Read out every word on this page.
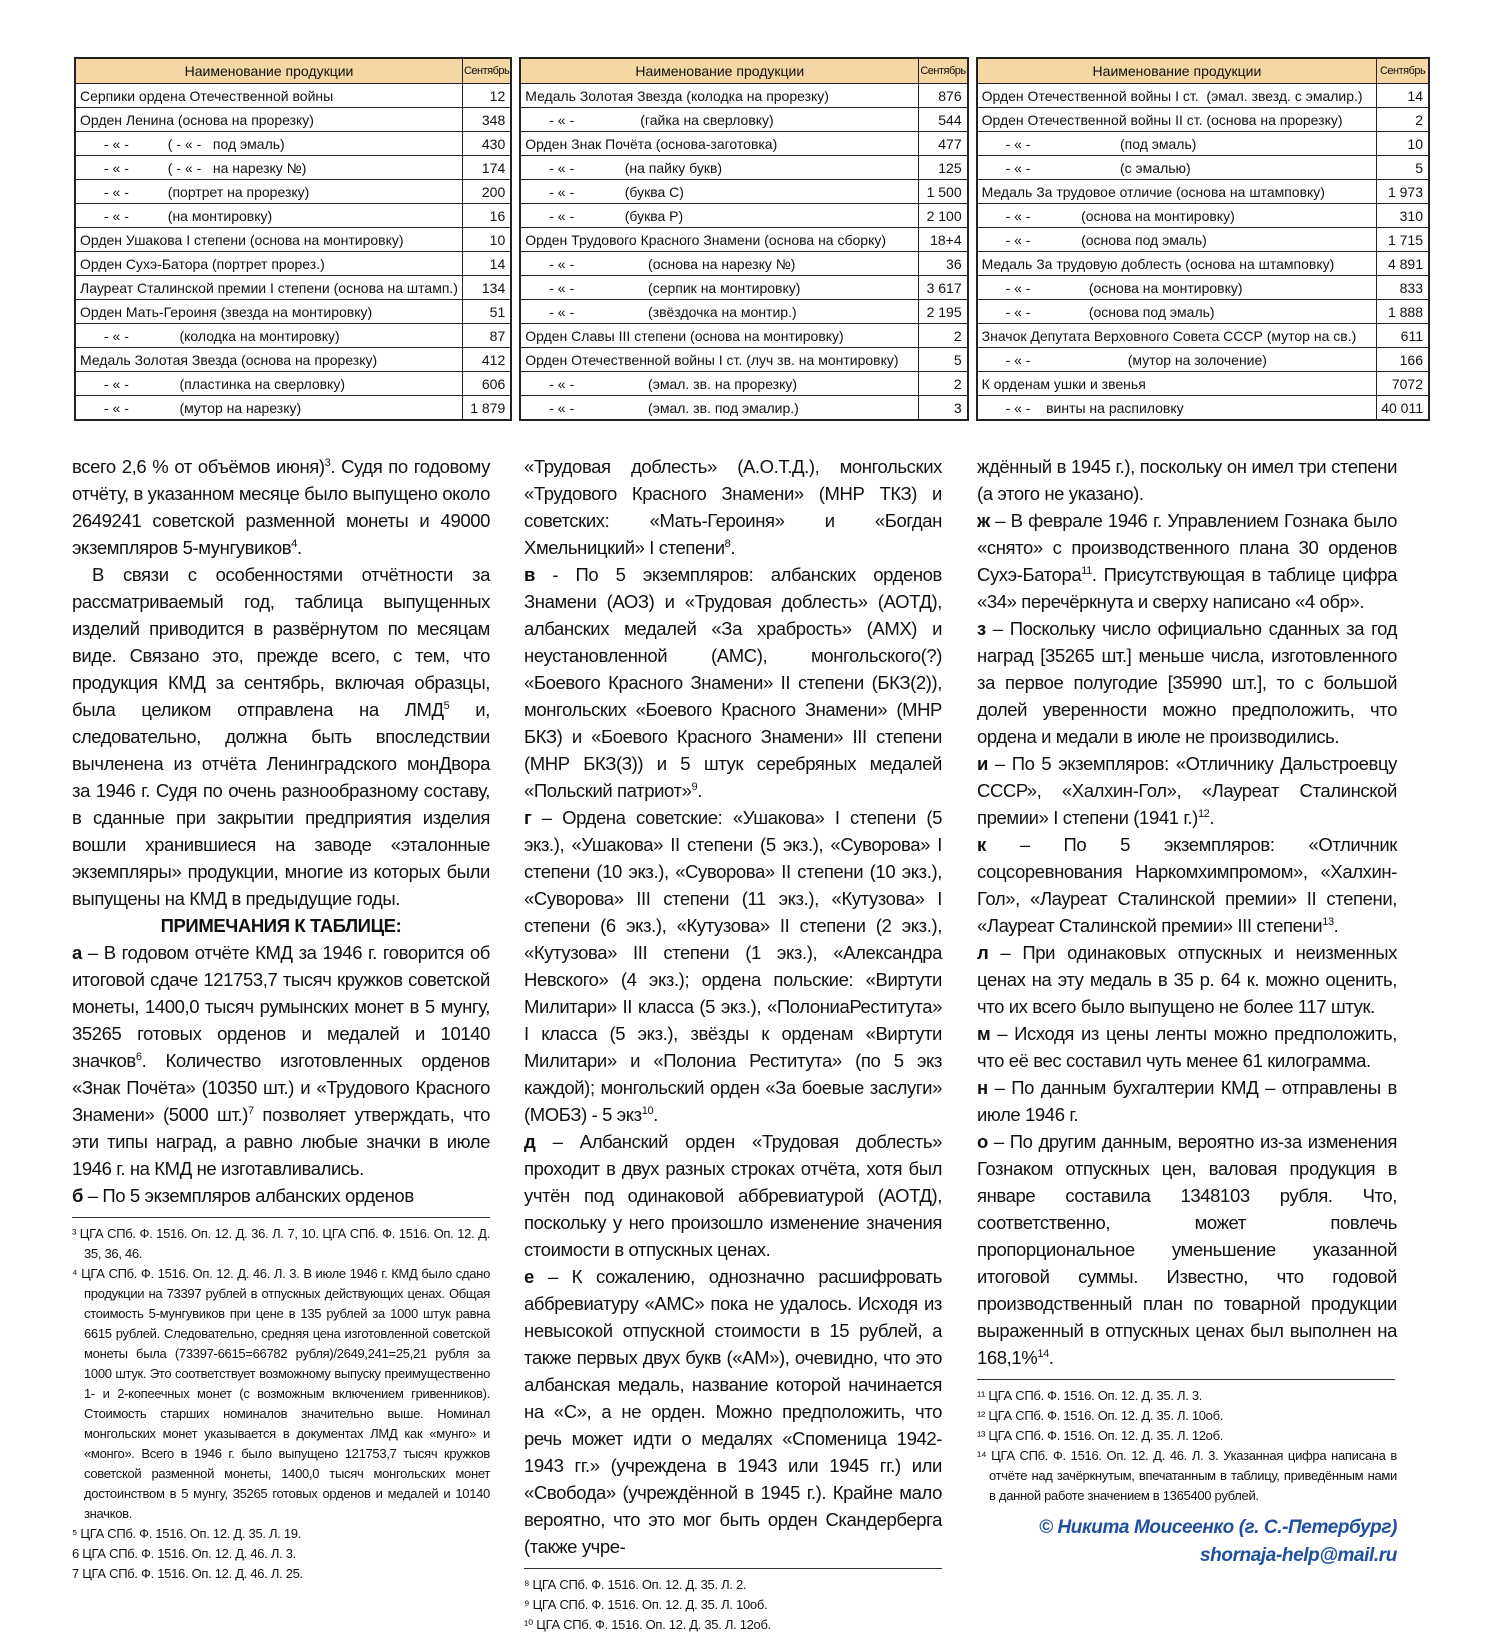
Наименование продукции	Сентябрь
Серпики ордена Отечественной войны	12
Орден Ленина (основа на прорезку)	348
- « -          ( - « -   под эмаль)	430
- « -          ( - « -   на нарезку №)	174
- « -          (портрет на прорезку)	200
- « -          (на монтировку)	16
Орден Ушакова I степени (основа на монтировку)	10
Орден Сухэ-Батора (портрет прорез.)	14
Лауреат Сталинской премии I степени (основа на штамп.)	134
Орден Мать-Героиня (звезда на монтировку)	51
- « -             (колодка на монтировку)	87
Медаль Золотая Звезда (основа на прорезку)	412
- « -             (пластинка на сверловку)	606
- « -             (мутор на нарезку)	1 879
Наименование продукции	Сентябрь
Медаль Золотая Звезда (колодка на прорезку)	876
- « -                 (гайка на сверловку)	544
Орден Знак Почёта (основа-заготовка)	477
- « -             (на пайку букв)	125
- « -             (буква С)	1 500
- « -             (буква Р)	2 100
Орден Трудового Красного Знамени (основа на сборку)	18+4
- « -                   (основа на нарезку №)	36
- « -                   (серпик на монтировку)	3 617
- « -                   (звёздочка на монтир.)	2 195
Орден Славы III степени (основа на монтировку)	2
Орден Отечественной войны I ст. (луч зв. на монтировку)	5
- « -                   (эмал. зв. на прорезку)	2
- « -                   (эмал. зв. под эмалир.)	3
Наименование продукции	Сентябрь
Орден Отечественной войны I ст.  (эмал. звезд. с эмалир.)	14
Орден Отечественной войны II ст. (основа на прорезку)	2
- « -                       (под эмаль)	10
- « -                       (с эмалью)	5
Медаль За трудовое отличие (основа на штамповку)	1 973
- « -             (основа на монтировку)	310
- « -             (основа под эмаль)	1 715
Медаль За трудовую доблесть (основа на штамповку)	4 891
- « -               (основа на монтировку)	833
- « -               (основа под эмаль)	1 888
Значок Депутата Верховного Совета СССР (мутор на св.)	611
- « -                         (мутор на золочение)	166
К орденам ушки и звенья	7072
- « -    винты на распиловку	40 011

всего 2,6 % от объёмов июня)$^3$. Судя по годовому отчёту, в указанном месяце было выпущено около 2649241 советской разменной монеты и 49000 экземпляров 5-мунгувиков$^4$.

В связи с особенностями отчётности за рассматриваемый год, таблица выпущенных изделий приводится в развёрнутом по месяцам виде. Связано это, прежде всего, с тем, что продукция КМД за сентябрь, включая образцы, была целиком отправлена на ЛМД$^5$ и, следовательно, должна быть впоследствии вычленена из отчёта Ленинградского монДвора за 1946 г. Судя по очень разнообразному составу, в сданные при закрытии предприятия изделия вошли хранившиеся на заводе «эталонные экземпляры» продукции, многие из которых были выпущены на КМД в предыдущие годы.

ПРИМЕЧАНИЯ К ТАБЛИЦЕ:

а – В годовом отчёте КМД за 1946 г. говорится об итоговой сдаче 121753,7 тысяч кружков советской монеты, 1400,0 тысяч румынских монет в 5 мунгу, 35265 готовых орденов и медалей и 10140 значков$^6$. Количество изготовленных орденов «Знак Почёта» (10350 шт.) и «Трудового Красного Знамени» (5000 шт.)$^7$ позволяет утверждать, что эти типы наград, а равно любые значки в июле 1946 г. на КМД не изготавливались.

б – По 5 экземпляров албанских орденов

³ ЦГА СПб. Ф. 1516. Оп. 12. Д. 36. Л. 7, 10. ЦГА СПб. Ф. 1516. Оп. 12. Д. 35, 36, 46.

⁴ ЦГА СПб. Ф. 1516. Оп. 12. Д. 46. Л. 3. В июле 1946 г. КМД было сдано продукции на 73397 рублей в отпускных действующих ценах. Общая стоимость 5-мунгувиков при цене в 135 рублей за 1000 штук равна 6615 рублей. Следовательно, средняя цена изготовленной советской монеты была (73397-6615=66782 рубля)/2649,241=25,21 рубля за 1000 штук. Это соответствует возможному выпуску преимущественно 1- и 2-копеечных монет (с возможным включением гривенников). Стоимость старших номиналов значительно выше. Номинал монгольских монет указывается в документах ЛМД как «мунго» и «монго». Всего в 1946 г. было выпущено 121753,7 тысяч кружков советской разменной монеты, 1400,0 тысяч монгольских монет достоинством в 5 мунгу, 35265 готовых орденов и медалей и 10140 значков.

⁵ ЦГА СПб. Ф. 1516. Оп. 12. Д. 35. Л. 19.

6 ЦГА СПб. Ф. 1516. Оп. 12. Д. 46. Л. 3.

7 ЦГА СПб. Ф. 1516. Оп. 12. Д. 46. Л. 25.

«Трудовая доблесть» (А.О.Т.Д.), монгольских «Трудового Красного Знамени» (МНР ТКЗ) и советских: «Мать-Героиня» и «Богдан Хмельницкий» I степени$^8$.

в - По 5 экземпляров: албанских орденов Знамени (АОЗ) и «Трудовая доблесть» (АОТД), албанских медалей «За храбрость» (АМХ) и неустановленной (АМС), монгольского(?) «Боевого Красного Знамени» II степени (БКЗ(2)), монгольских «Боевого Красного Знамени» (МНР БКЗ) и «Боевого Красного Знамени» III степени (МНР БКЗ(3)) и 5 штук серебряных медалей «Польский патриот»$^9$.

г – Ордена советские: «Ушакова» I степени (5 экз.), «Ушакова» II степени (5 экз.), «Суворова» I степени (10 экз.), «Суворова» II степени (10 экз.), «Суворова» III степени (11 экз.), «Кутузова» I степени (6 экз.), «Кутузова» II степени (2 экз.), «Кутузова» III степени (1 экз.), «Александра Невского» (4 экз.); ордена польские: «Виртути Милитари» II класса (5 экз.), «ПолониаРеститута» I класса (5 экз.), звёзды к орденам «Виртути Милитари» и «Полониа Реститута» (по 5 экз каждой); монгольский орден «За боевые заслуги» (МОБЗ) - 5 экз$^{10}$.

д – Албанский орден «Трудовая доблесть» проходит в двух разных строках отчёта, хотя был учтён под одинаковой аббревиатурой (АОТД), поскольку у него произошло изменение значения стоимости в отпускных ценах.

е – К сожалению, однозначно расшифровать аббревиатуру «АМС» пока не удалось. Исходя из невысокой отпускной стоимости в 15 рублей, а также первых двух букв («АМ»), очевидно, что это албанская медаль, название которой начинается на «С», а не орден. Можно предположить, что речь может идти о медалях «Споменица 1942-1943 гг.» (учреждена в 1943 или 1945 гг.) или «Свобода» (учреждённой в 1945 г.). Крайне мало вероятно, что это мог быть орден Скандерберга (также учре-

⁸ ЦГА СПб. Ф. 1516. Оп. 12. Д. 35. Л. 2.

⁹ ЦГА СПб. Ф. 1516. Оп. 12. Д. 35. Л. 10об.

¹⁰ ЦГА СПб. Ф. 1516. Оп. 12. Д. 35. Л. 12об.

ждённый в 1945 г.), поскольку он имел три степени (а этого не указано).

ж – В феврале 1946 г. Управлением Гознака было «снято» с производственного плана 30 орденов Сухэ-Батора$^{11}$. Присутствующая в таблице цифра «34» перечёркнута и сверху написано «4 обр».

з – Поскольку число официально сданных за год наград [35265 шт.] меньше числа, изготовленного за первое полугодие [35990 шт.], то с большой долей уверенности можно предположить, что ордена и медали в июле не производились.

и – По 5 экземпляров: «Отличнику Дальстроевцу СССР», «Халхин-Гол», «Лауреат Сталинской премии» I степени (1941 г.)$^{12}$.

к – По 5 экземпляров: «Отличник соцсоревнования Наркомхимпромом», «Халхин-Гол», «Лауреат Сталинской премии» II степени, «Лауреат Сталинской премии» III степени$^{13}$.

л – При одинаковых отпускных и неизменных ценах на эту медаль в 35 р. 64 к. можно оценить, что их всего было выпущено не более 117 штук.

м – Исходя из цены ленты можно предположить, что её вес составил чуть менее 61 килограмма.

н – По данным бухгалтерии КМД – отправлены в июле 1946 г.

о – По другим данным, вероятно из-за изменения Гознаком отпускных цен, валовая продукция в январе составила 1348103 рубля. Что, соответственно, может повлечь пропорциональное уменьшение указанной итоговой суммы. Известно, что годовой производственный план по товарной продукции выраженный в отпускных ценах был выполнен на 168,1%$^{14}$.

¹¹ ЦГА СПб. Ф. 1516. Оп. 12. Д. 35. Л. 3.

¹² ЦГА СПб. Ф. 1516. Оп. 12. Д. 35. Л. 10об.

¹³ ЦГА СПб. Ф. 1516. Оп. 12. Д. 35. Л. 12об.

¹⁴ ЦГА СПб. Ф. 1516. Оп. 12. Д. 46. Л. 3. Указанная цифра написана в отчёте над зачёркнутым, впечатанным в таблицу, приведённым нами в данной работе значением в 1365400 рублей.

© Никита Моисеенко (г. С.-Петербург)
shornaja-help@mail.ru
